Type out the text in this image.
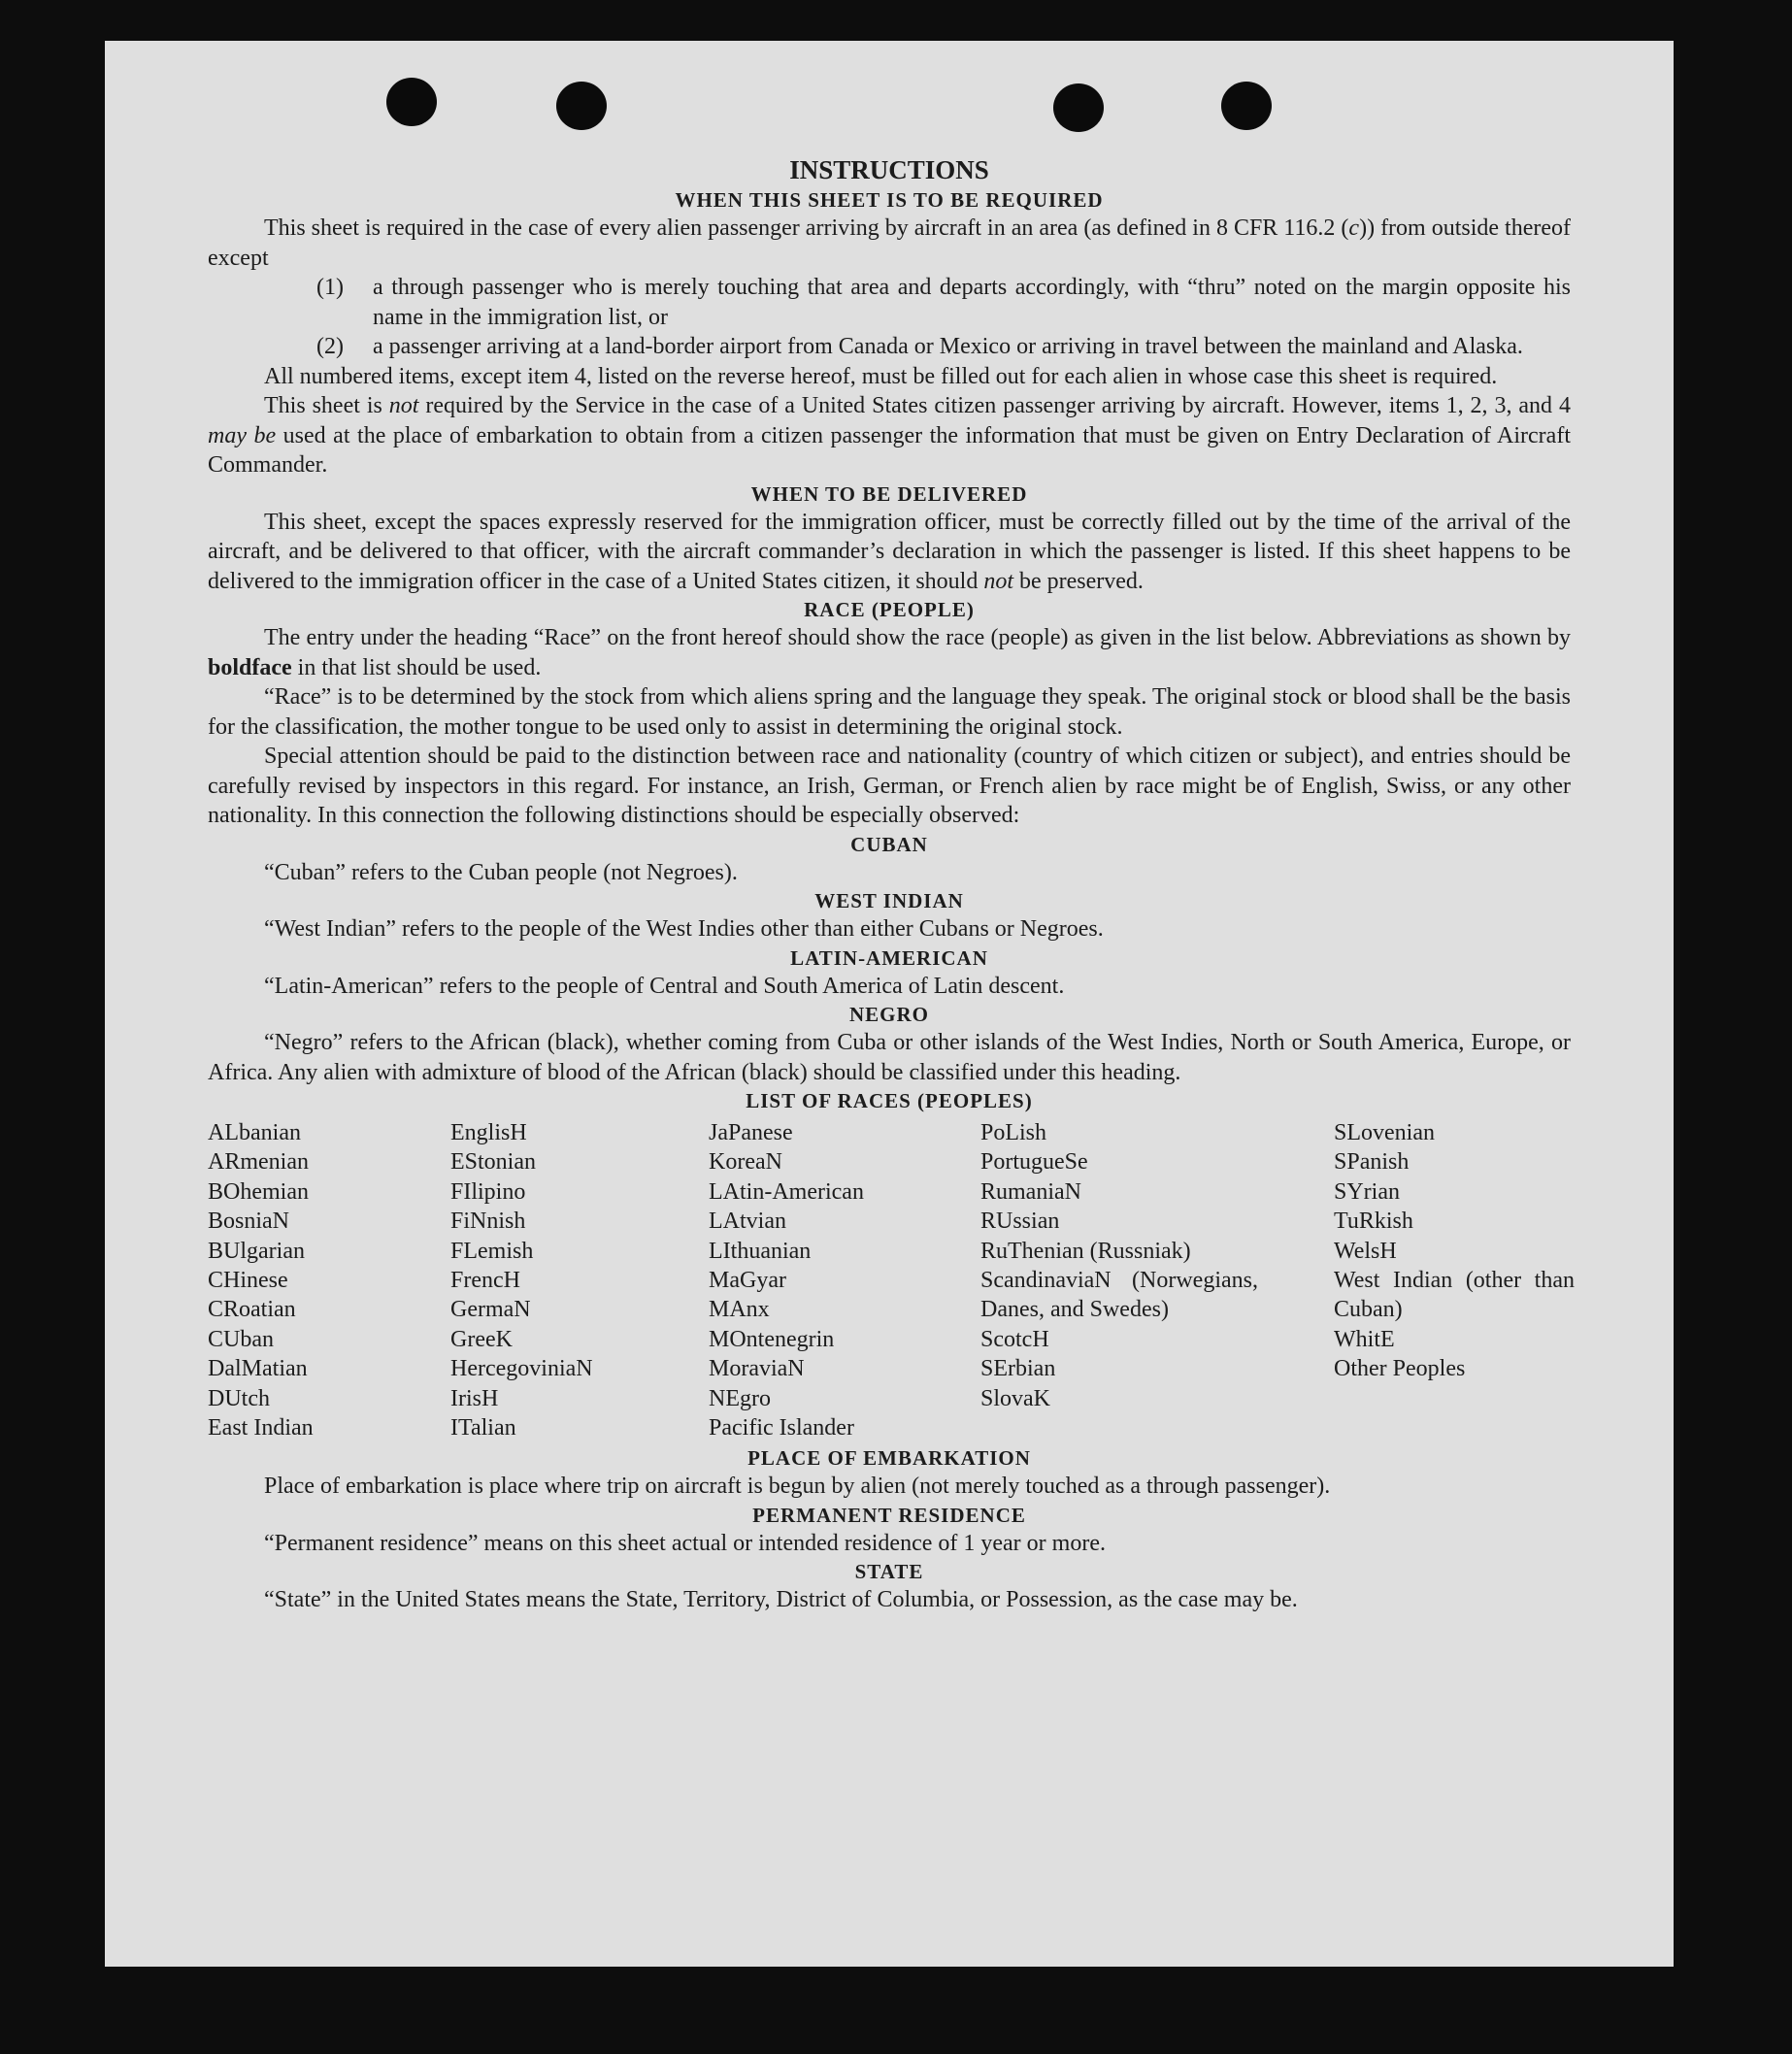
INSTRUCTIONS
WHEN THIS SHEET IS TO BE REQUIRED

This sheet is required in the case of every alien passenger arriving by aircraft in an area (as defined in 8 CFR 116.2 (c)) from outside thereof except

(1)	a through passenger who is merely touching that area and departs accordingly, with “thru” noted on the margin opposite his name in the immigration list, or

(2)	a passenger arriving at a land-border airport from Canada or Mexico or arriving in travel between the mainland and Alaska.

All numbered items, except item 4, listed on the reverse hereof, must be filled out for each alien in whose case this sheet is required.

This sheet is not required by the Service in the case of a United States citizen passenger arriving by aircraft. However, items 1, 2, 3, and 4 may be used at the place of embarkation to obtain from a citizen passenger the information that must be given on Entry Declaration of Aircraft Commander.

WHEN TO BE DELIVERED

This sheet, except the spaces expressly reserved for the immigration officer, must be correctly filled out by the time of the arrival of the aircraft, and be delivered to that officer, with the aircraft commander’s declaration in which the passenger is listed. If this sheet happens to be delivered to the immigration officer in the case of a United States citizen, it should not be preserved.

RACE (PEOPLE)

The entry under the heading “Race” on the front hereof should show the race (people) as given in the list below. Abbreviations as shown by boldface in that list should be used.

“Race” is to be determined by the stock from which aliens spring and the language they speak. The original stock or blood shall be the basis for the classification, the mother tongue to be used only to assist in determining the original stock.

Special attention should be paid to the distinction between race and nationality (country of which citizen or subject), and entries should be carefully revised by inspectors in this regard. For instance, an Irish, German, or French alien by race might be of English, Swiss, or any other nationality. In this connection the following distinctions should be especially observed:

CUBAN

“Cuban” refers to the Cuban people (not Negroes).

WEST INDIAN

“West Indian” refers to the people of the West Indies other than either Cubans or Negroes.

LATIN-AMERICAN

“Latin-American” refers to the people of Central and South America of Latin descent.

NEGRO

“Negro” refers to the African (black), whether coming from Cuba or other islands of the West Indies, North or South America, Europe, or Africa. Any alien with admixture of blood of the African (black) should be classified under this heading.

LIST OF RACES (PEOPLES)
ALbanian
ARmenian
BOhemian
BosniaN
BUlgarian
CHinese
CRoatian
CUban
DalMatian
DUtch
East Indian
EnglisH
EStonian
FIlipino
FiNnish
FLemish
FrencH
GermaN
GreeK
HercegoviniaN
IrisH
ITalian
JaPanese
KoreaN
LAtin-American
LAtvian
LIthuanian
MaGyar
MAnx
MOntenegrin
MoraviaN
NEgro
Pacific Islander
PoLish
PortugueSe
RumaniaN
RUssian
RuThenian (Russniak)
ScandinaviaN (Norwegians, Danes, and Swedes)
ScotcH
SErbian
SlovaK
SLovenian
SPanish
SYrian
TuRkish
WelsH
West Indian (other than Cuban)
WhitE
Other Peoples
PLACE OF EMBARKATION

Place of embarkation is place where trip on aircraft is begun by alien (not merely touched as a through passenger).

PERMANENT RESIDENCE

“Permanent residence” means on this sheet actual or intended residence of 1 year or more.

STATE

“State” in the United States means the State, Territory, District of Columbia, or Possession, as the case may be.
